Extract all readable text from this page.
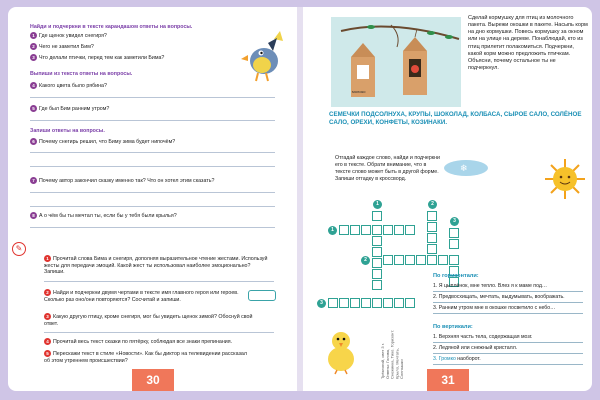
Найди и подчеркни в тексте карандашом ответы на вопросы.
1 Где щенок увидел снегиря?
2 Чего не заметил Бим?
3 Что делали птички, перед тем как заметили Бима?
Выпиши из текста ответы на вопросы.
4 Какого цвета было рябина?
5 Где был Бим ранним утром?
Запиши ответы на вопросы.
6 Почему снегирь решил, что Биму зима будет нипочём?
7 Почему автор закончил сказку именно так? Что он хотел этим сказать?
8 А о чём бы ты мечтал ты, если бы у тебя были крылья?
✎
1 Прочитай слова Бима и снегиря, дополняя выразительное чтение жестами. Используй жесты для передачи эмоций. Какой жест ты использовал наиболее эмоционально? Запиши.
2 Найди и подчеркни двумя чертами в тексте имя главного героя или героев. Сколько раз оно/они повторяются? Сосчитай и запиши.
3 Какую другую птицу, кроме снегиря, мог бы увидеть щенок зимой? Обоснуй свой ответ.
4 Прочитай весь текст сказки по пятёрку, соблюдая все знаки препинания.
5 Перескажи текст в стиле «Новости». Как бы диктор на телевидении рассказал об этом утреннем происшествии?
30
молоко
Сделай кормушку для птиц из молочного пакета. Вырежи окошки в пакете. Насыпь корм на дно кормушки. Повесь кормушку за окном или на улице на дереве. Понаблюдай, кто из птиц прилетит полакомиться. Подчеркни, какой корм можно предложить птичкам. Объясни, почему остальное ты не подчеркнул.
СЕМЕЧКИ ПОДСОЛНУХА, КРУПЫ, ШОКОЛАД, КОЛБАСА, СЫРОЕ САЛО, СОЛЁНОЕ САЛО, ОРЕХИ, КОНФЕТЫ, КОЗИНАКИ.
Отгадай каждое слово, найди и подчеркни его в тексте. Обрати внимание, что в тексте слово может быть в другой форме. Запиши отгадку в кроссворд.
❄
1
1	2
2
3
3
По горизонтали:
1. Я цыплёнок, мне тепло. Влез я к маме под…
2. Предвосхищать, мечтать, выдумывать, воображать.
3. Ранним утром мне в окошке посветило с небо…
По вертикали:
1. Верхняя часть тела, содержащая мозг.
2. Ледяной или снежный кристалл.
3. Громко наоборот.
Трёхногий, свет 3 г. Ответы: Голова, Снежинка, Тихо. Горизонт: Крыло, Мечтать, Солнышко
31
